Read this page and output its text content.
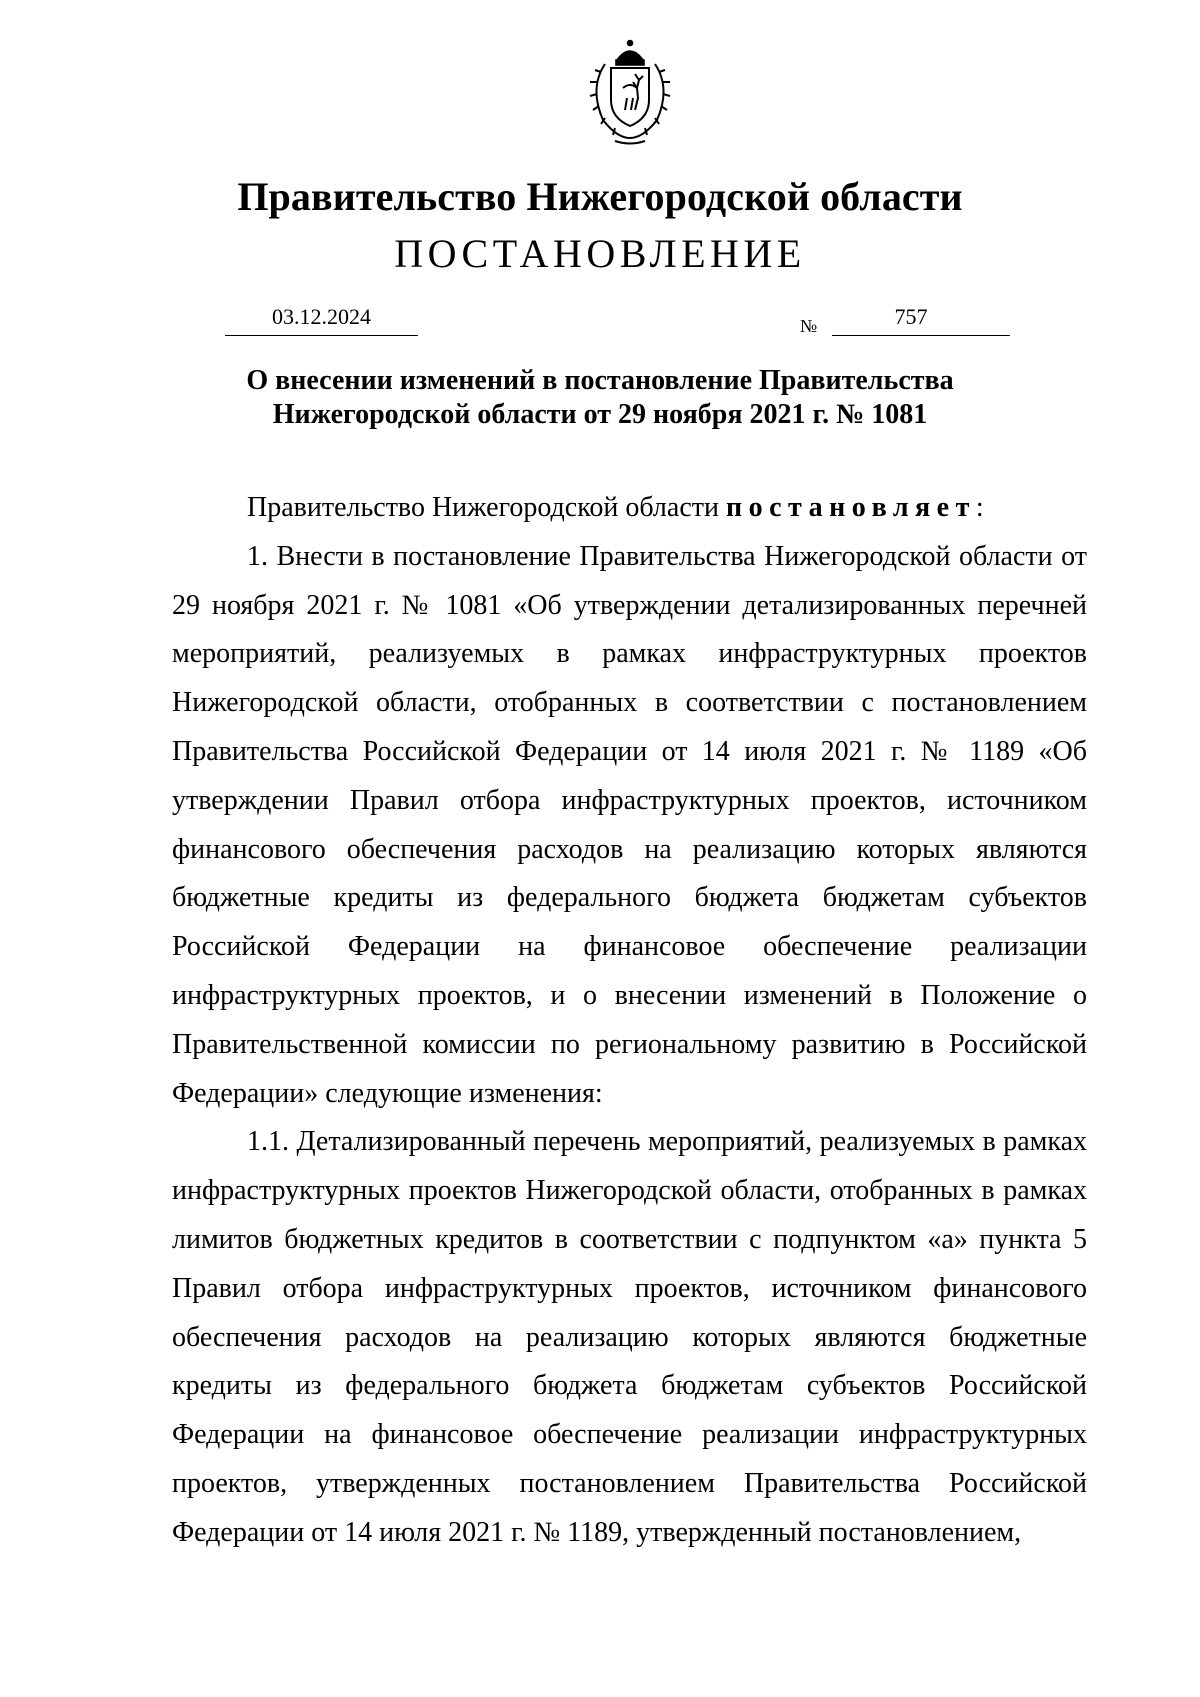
Правительство Нижегородской области
ПОСТАНОВЛЕНИЕ
03.12.2024	№	757
О внесении изменений в постановление Правительства
Нижегородской области от 29 ноября 2021 г. № 1081

Правительство Нижегородской области постановляет:

1. Внести в постановление Правительства Нижегородской области от 29 ноября 2021 г. № 1081 «Об утверждении детализированных перечней мероприятий, реализуемых в рамках инфраструктурных проектов Нижегородской области, отобранных в соответствии с постановлением Правительства Российской Федерации от 14 июля 2021 г. № 1189 «Об утверждении Правил отбора инфраструктурных проектов, источником финансового обеспечения расходов на реализацию которых являются бюджетные кредиты из федерального бюджета бюджетам субъектов Российской Федерации на финансовое обеспечение реализации инфраструктурных проектов, и о внесении изменений в Положение о Правительственной комиссии по региональному развитию в Российской Федерации» следующие изменения:

1.1. Детализированный перечень мероприятий, реализуемых в рамках инфраструктурных проектов Нижегородской области, отобранных в рамках лимитов бюджетных кредитов в соответствии с подпунктом «а» пункта 5 Правил отбора инфраструктурных проектов, источником финансового обеспечения расходов на реализацию которых являются бюджетные кредиты из федерального бюджета бюджетам субъектов Российской Федерации на финансовое обеспечение реализации инфраструктурных проектов, утвержденных постановлением Правительства Российской Федерации от 14 июля 2021 г. № 1189, утвержденный постановлением,
